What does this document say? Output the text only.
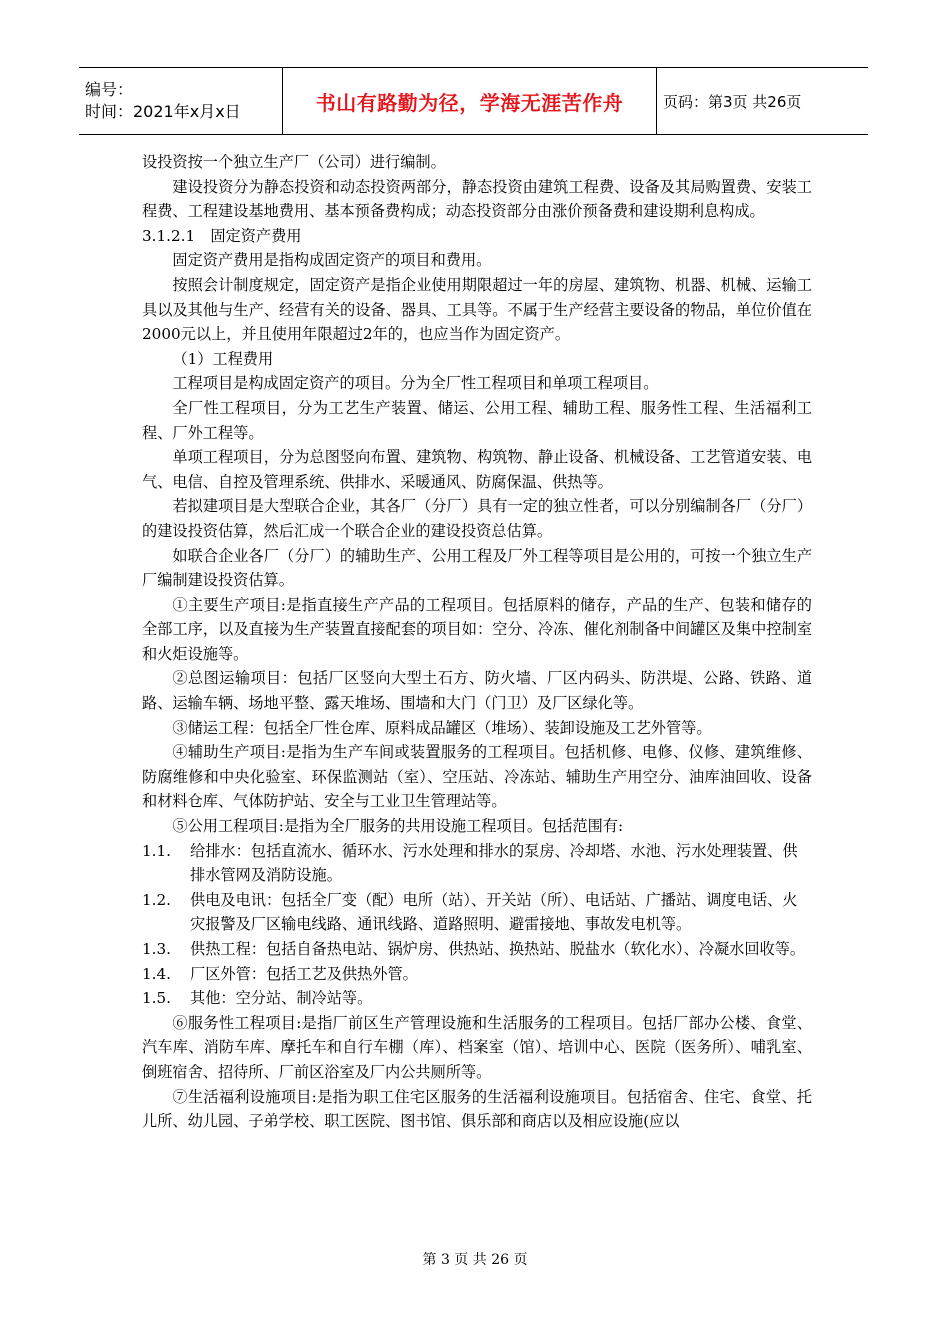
编号：
时间：2021年x月x日	书山有路勤为径，学海无涯苦作舟	页码：第3页 共26页

设投资按一个独立生产厂（公司）进行编制。

建设投资分为静态投资和动态投资两部分，静态投资由建筑工程费、设备及其局购置费、安装工程费、工程建设基地费用、基本预备费构成；动态投资部分由涨价预备费和建设期利息构成。

3.1.2.1　固定资产费用

固定资产费用是指构成固定资产的项目和费用。

按照会计制度规定，固定资产是指企业使用期限超过一年的房屋、建筑物、机器、机械、运输工具以及其他与生产、经营有关的设备、器具、工具等。不属于生产经营主要设备的物品，单位价值在2000元以上，并且使用年限超过2年的，也应当作为固定资产。

（1）工程费用

工程项目是构成固定资产的项目。分为全厂性工程项目和单项工程项目。

全厂性工程项目，分为工艺生产装置、储运、公用工程、辅助工程、服务性工程、生活福利工程、厂外工程等。

单项工程项目，分为总图竖向布置、建筑物、构筑物、静止设备、机械设备、工艺管道安装、电气、电信、自控及管理系统、供排水、采暖通风、防腐保温、供热等。

若拟建项目是大型联合企业，其各厂（分厂）具有一定的独立性者，可以分别编制各厂（分厂）的建设投资估算，然后汇成一个联合企业的建设投资总估算。

如联合企业各厂（分厂）的辅助生产、公用工程及厂外工程等项目是公用的，可按一个独立生产厂编制建设投资估算。

①主要生产项目:是指直接生产产品的工程项目。包括原料的储存，产品的生产、包装和储存的全部工序，以及直接为生产装置直接配套的项目如：空分、冷冻、催化剂制备中间罐区及集中控制室和火炬设施等。

②总图运输项目：包括厂区竖向大型土石方、防火墙、厂区内码头、防洪堤、公路、铁路、道路、运输车辆、场地平整、露天堆场、围墙和大门（门卫）及厂区绿化等。

③储运工程：包括全厂性仓库、原料成品罐区（堆场）、装卸设施及工艺外管等。

④辅助生产项目:是指为生产车间或装置服务的工程项目。包括机修、电修、仪修、建筑维修、防腐维修和中央化验室、环保监测站（室）、空压站、冷冻站、辅助生产用空分、油库油回收、设备和材料仓库、气体防护站、安全与工业卫生管理站等。

⑤公用工程项目:是指为全厂服务的共用设施工程项目。包括范围有:

1.1.	给排水：包括直流水、循环水、污水处理和排水的泵房、冷却塔、水池、污水处理装置、供排水管网及消防设施。
1.2.	供电及电讯：包括全厂变（配）电所（站）、开关站（所）、电话站、广播站、调度电话、火灾报警及厂区输电线路、通讯线路、道路照明、避雷接地、事故发电机等。
1.3.	供热工程：包括自备热电站、锅炉房、供热站、换热站、脱盐水（软化水）、冷凝水回收等。
1.4.	厂区外管：包括工艺及供热外管。
1.5.	其他：空分站、制冷站等。

⑥服务性工程项目:是指厂前区生产管理设施和生活服务的工程项目。包括厂部办公楼、食堂、汽车库、消防车库、摩托车和自行车棚（库）、档案室（馆）、培训中心、医院（医务所）、哺乳室、倒班宿舍、招待所、厂前区浴室及厂内公共厕所等。

⑦生活福利设施项目:是指为职工住宅区服务的生活福利设施项目。包括宿舍、住宅、食堂、托儿所、幼儿园、子弟学校、职工医院、图书馆、俱乐部和商店以及相应设施(应以

第 3 页 共 26 页
